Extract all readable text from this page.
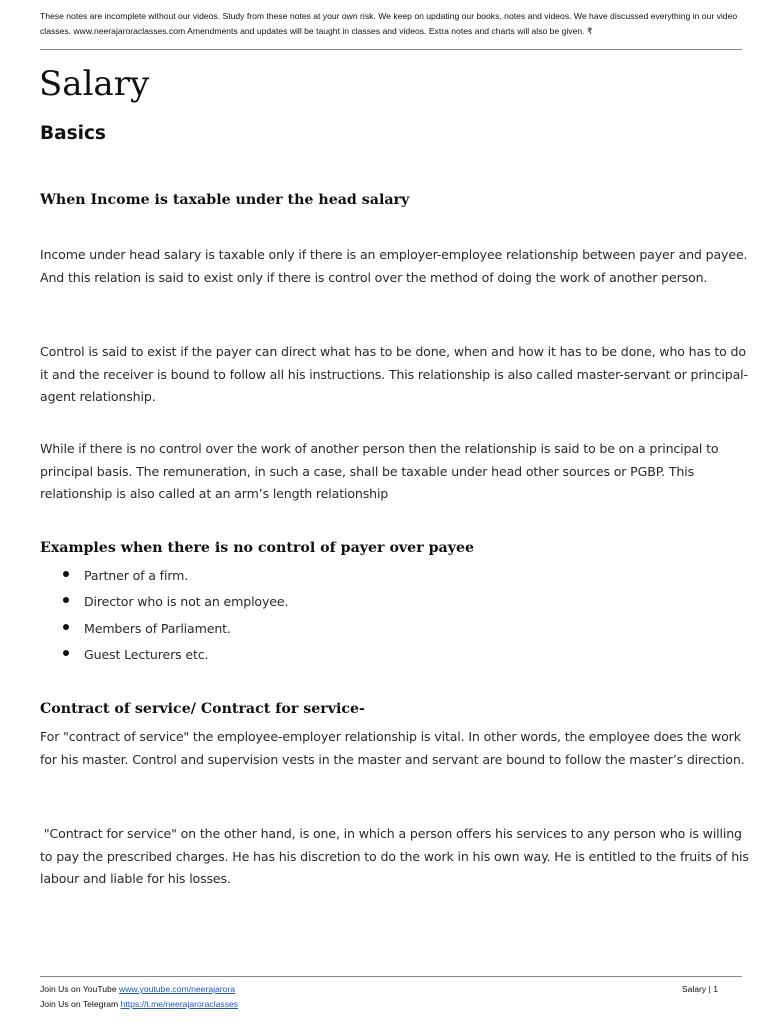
These notes are incomplete without our videos. Study from these notes at your own risk. We keep on updating our books, notes and videos. We have discussed everything in our video classes. www.neerajaroraclasses.com Amendments and updates will be taught in classes and videos. Extra notes and charts will also be given. ₹
Salary
Basics
When Income is taxable under the head salary

Income under head salary is taxable only if there is an employer-employee relationship between payer and payee. And this relation is said to exist only if there is control over the method of doing the work of another person.

Control is said to exist if the payer can direct what has to be done, when and how it has to be done, who has to do it and the receiver is bound to follow all his instructions. This relationship is also called master-servant or principal-agent relationship.

While if there is no control over the work of another person then the relationship is said to be on a principal to principal basis. The remuneration, in such a case, shall be taxable under head other sources or PGBP. This relationship is also called at an arm’s length relationship

Examples when there is no control of payer over payee
Partner of a firm.
Director who is not an employee.
Members of Parliament.
Guest Lecturers etc.
Contract of service/ Contract for service-

For "contract of service" the employee-employer relationship is vital. In other words, the employee does the work for his master. Control and supervision vests in the master and servant are bound to follow the master’s direction.

"Contract for service" on the other hand, is one, in which a person offers his services to any person who is willing to pay the prescribed charges. He has his discretion to do the work in his own way. He is entitled to the fruits of his labour and liable for his losses.

Join Us on YouTube www.youtube.com/neerajarora
Join Us on Telegram https://t.me/neerajaroraclasses
Salary | 1
